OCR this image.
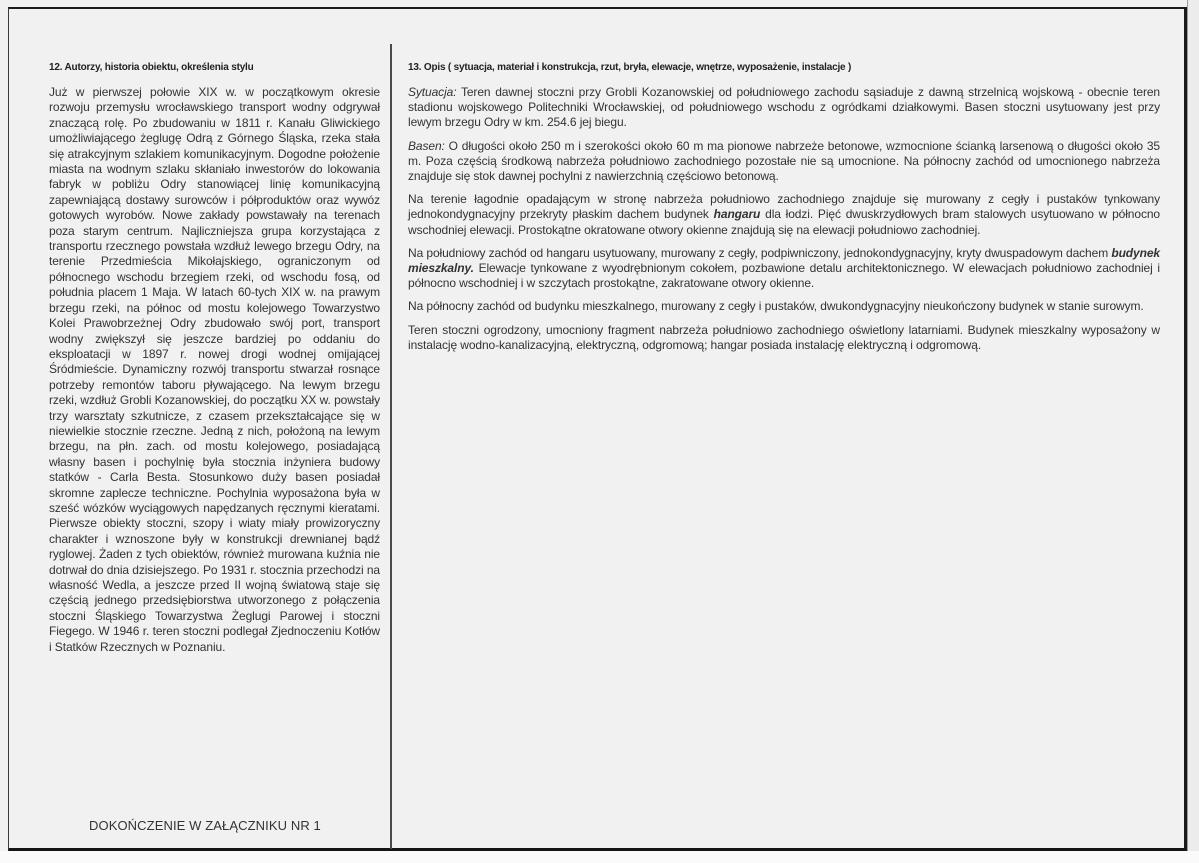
12. Autorzy, historia obiektu, określenia stylu

Już w pierwszej połowie XIX w. w początkowym okresie rozwoju przemysłu wrocławskiego transport wodny odgrywał znaczącą rolę. Po zbudowaniu w 1811 r. Kanału Gliwickiego umożliwiającego żeglugę Odrą z Górnego Śląska, rzeka stała się atrakcyjnym szlakiem komunikacyjnym. Dogodne położenie miasta na wodnym szlaku skłaniało inwestorów do lokowania fabryk w pobliżu Odry stanowiącej linię komunikacyjną zapewniającą dostawy surowców i półproduktów oraz wywóz gotowych wyrobów. Nowe zakłady powstawały na terenach poza starym centrum. Najliczniejsza grupa korzystająca z transportu rzecznego powstała wzdłuż lewego brzegu Odry, na terenie Przedmieścia Mikołajskiego, ograniczonym od północnego wschodu brzegiem rzeki, od wschodu fosą, od południa placem 1 Maja. W latach 60-tych XIX w. na prawym brzegu rzeki, na północ od mostu kolejowego Towarzystwo Kolei Prawobrzeżnej Odry zbudowało swój port, transport wodny zwiększył się jeszcze bardziej po oddaniu do eksploatacji w 1897 r. nowej drogi wodnej omijającej Śródmieście. Dynamiczny rozwój transportu stwarzał rosnące potrzeby remontów taboru pływającego. Na lewym brzegu rzeki, wzdłuż Grobli Kozanowskiej, do początku XX w. powstały trzy warsztaty szkutnicze, z czasem przekształcające się w niewielkie stocznie rzeczne. Jedną z nich, położoną na lewym brzegu, na płn. zach. od mostu kolejowego, posiadającą własny basen i pochylnię była stocznia inżyniera budowy statków - Carla Besta. Stosunkowo duży basen posiadał skromne zaplecze techniczne. Pochylnia wyposażona była w sześć wózków wyciągowych napędzanych ręcznymi kieratami. Pierwsze obiekty stoczni, szopy i wiaty miały prowizoryczny charakter i wznoszone były w konstrukcji drewnianej bądź ryglowej. Żaden z tych obiektów, również murowana kuźnia nie dotrwał do dnia dzisiejszego. Po 1931 r. stocznia przechodzi na własność Wedla, a jeszcze przed II wojną światową staje się częścią jednego przedsiębiorstwa utworzonego z połączenia stoczni Śląskiego Towarzystwa Żeglugi Parowej i stoczni Fiegego. W 1946 r. teren stoczni podlegał Zjednoczeniu Kotłów i Statków Rzecznych w Poznaniu.

DOKOŃCZENIE W ZAŁĄCZNIKU NR 1
13. Opis ( sytuacja, materiał i konstrukcja, rzut, bryła, elewacje, wnętrze, wyposażenie, instalacje )

Sytuacja: Teren dawnej stoczni przy Grobli Kozanowskiej od południowego zachodu sąsiaduje z dawną strzelnicą wojskową - obecnie teren stadionu wojskowego Politechniki Wrocławskiej, od południowego wschodu z ogródkami działkowymi. Basen stoczni usytuowany jest przy lewym brzegu Odry w km. 254.6 jej biegu.

Basen: O długości około 250 m i szerokości około 60 m ma pionowe nabrzeże betonowe, wzmocnione ścianką larsenową o długości około 35 m. Poza częścią środkową nabrzeża południowo zachodniego pozostałe nie są umocnione. Na północny zachód od umocnionego nabrzeża znajduje się stok dawnej pochylni z nawierzchnią częściowo betonową.

Na terenie łagodnie opadającym w stronę nabrzeża południowo zachodniego znajduje się murowany z cegły i pustaków tynkowany jednokondygnacyjny przekryty płaskim dachem budynek hangaru dla łodzi. Pięć dwuskrzydłowych bram stalowych usytuowano w północno wschodniej elewacji. Prostokątne okratowane otwory okienne znajdują się na elewacji południowo zachodniej.

Na południowy zachód od hangaru usytuowany, murowany z cegły, podpiwniczony, jednokondygnacyjny, kryty dwuspadowym dachem budynek mieszkalny. Elewacje tynkowane z wyodrębnionym cokołem, pozbawione detalu architektonicznego. W elewacjach południowo zachodniej i północno wschodniej i w szczytach prostokątne, zakratowane otwory okienne.

Na północny zachód od budynku mieszkalnego, murowany z cegły i pustaków, dwukondygnacyjny nieukończony budynek w stanie surowym.

Teren stoczni ogrodzony, umocniony fragment nabrzeża południowo zachodniego oświetlony latarniami. Budynek mieszkalny wyposażony w instalację wodno-kanalizacyjną, elektryczną, odgromową; hangar posiada instalację elektryczną i odgromową.
